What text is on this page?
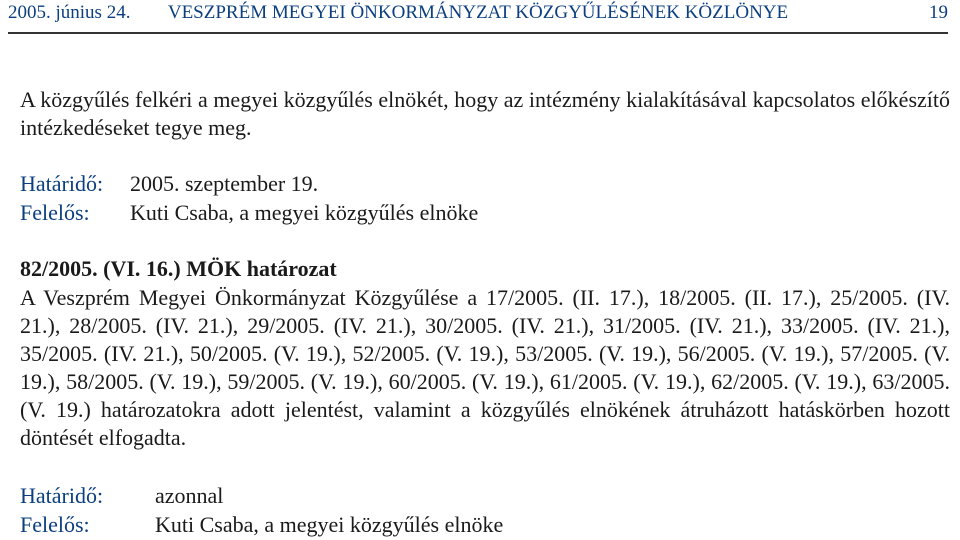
2005. június 24.	VESZPRÉM MEGYEI ÖNKORMÁNYZAT KÖZGYŰLÉSÉNEK KÖZLÖNYE	19
A közgyűlés felkéri a megyei közgyűlés elnökét, hogy az intézmény kialakításával kapcsolatos előkészítő intézkedéseket tegye meg.
Határidő: 2005. szeptember 19.
Felelős: Kuti Csaba, a megyei közgyűlés elnöke
82/2005. (VI. 16.) MÖK határozat
A Veszprém Megyei Önkormányzat Közgyűlése a 17/2005. (II. 17.), 18/2005. (II. 17.), 25/2005. (IV. 21.), 28/2005. (IV. 21.), 29/2005. (IV. 21.), 30/2005. (IV. 21.), 31/2005. (IV. 21.), 33/2005. (IV. 21.), 35/2005. (IV. 21.), 50/2005. (V. 19.), 52/2005. (V. 19.), 53/2005. (V. 19.), 56/2005. (V. 19.), 57/2005. (V. 19.), 58/2005. (V. 19.), 59/2005. (V. 19.), 60/2005. (V. 19.), 61/2005. (V. 19.), 62/2005. (V. 19.), 63/2005. (V. 19.) határozatokra adott jelentést, valamint a közgyűlés elnökének átruházott hatáskörben hozott döntését elfogadta.
Határidő: azonnal
Felelős:	Kuti Csaba, a megyei közgyűlés elnöke
